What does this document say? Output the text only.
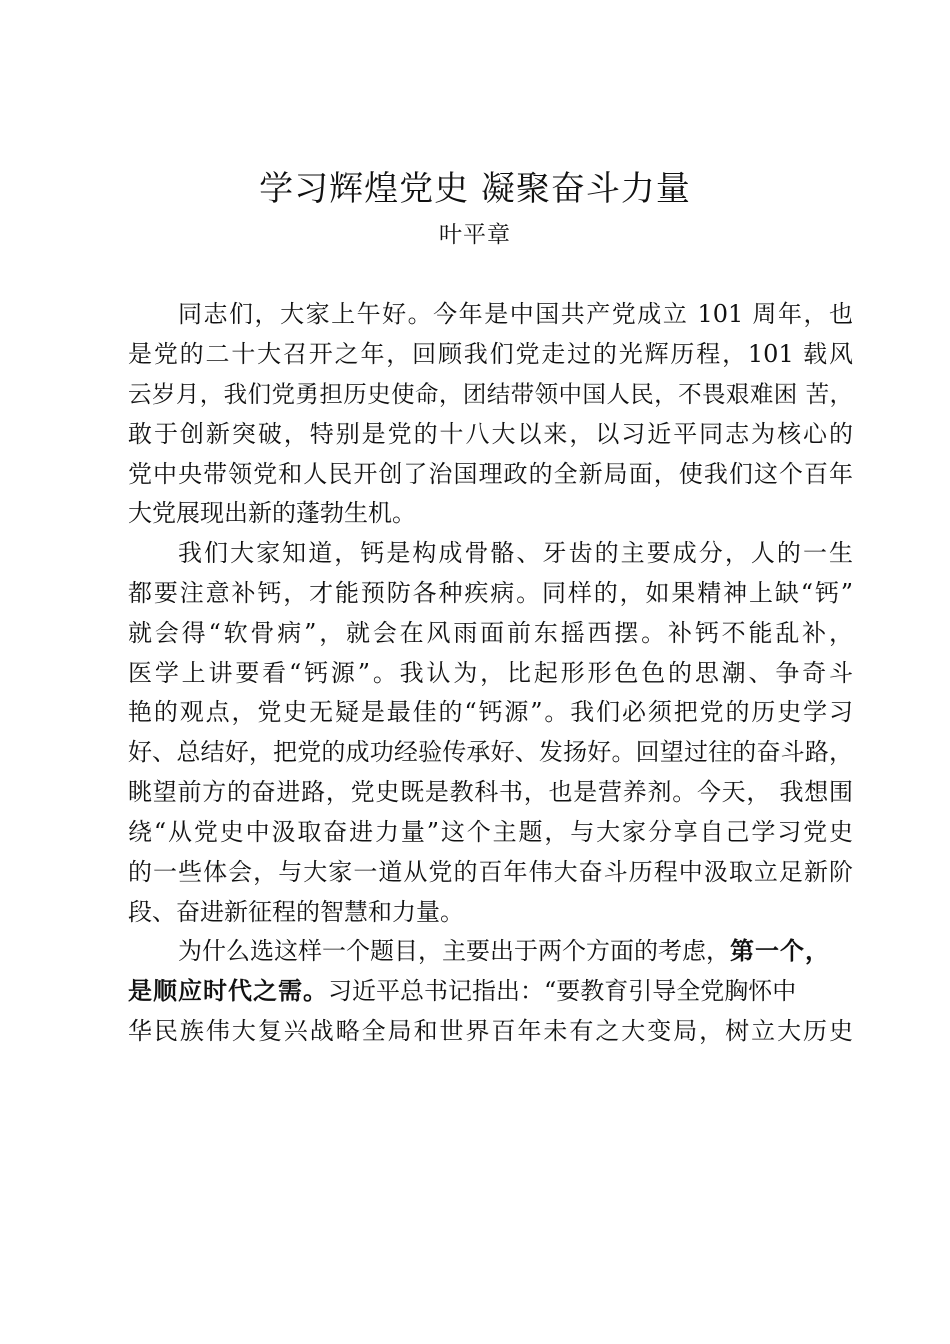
学习辉煌党史 凝聚奋斗力量
叶平章
同志们，大家上午好。今年是中国共产党成立 101 周年，也
是党的二十大召开之年，回顾我们党走过的光辉历程，101 载风
云岁月，我们党勇担历史使命，团结带领中国人民，不畏艰难困 苦，
敢于创新突破，特别是党的十八大以来，以习近平同志为核心的
党中央带领党和人民开创了治国理政的全新局面，使我们这个百年
大党展现出新的蓬勃生机。
我们大家知道，钙是构成骨骼、牙齿的主要成分，人的一生
都要注意补钙，才能预防各种疾病。同样的，如果精神上缺“钙”
就会得“软骨病”，就会在风雨面前东摇西摆。补钙不能乱补，
医学上讲要看“钙源”。我认为，比起形形色色的思潮、争奇斗
艳的观点，党史无疑是最佳的“钙源”。我们必须把党的历史学习
好、总结好，把党的成功经验传承好、发扬好。回望过往的奋斗路，
眺望前方的奋进路，党史既是教科书，也是营养剂。今天， 我想围
绕“从党史中汲取奋进力量”这个主题，与大家分享自己学习党史
的一些体会，与大家一道从党的百年伟大奋斗历程中汲取立足新阶
段、奋进新征程的智慧和力量。
为什么选这样一个题目，主要出于两个方面的考虑，第一个，
是顺应时代之需。习近平总书记指出：“要教育引导全党胸怀中
华民族伟大复兴战略全局和世界百年未有之大变局，树立大历史
